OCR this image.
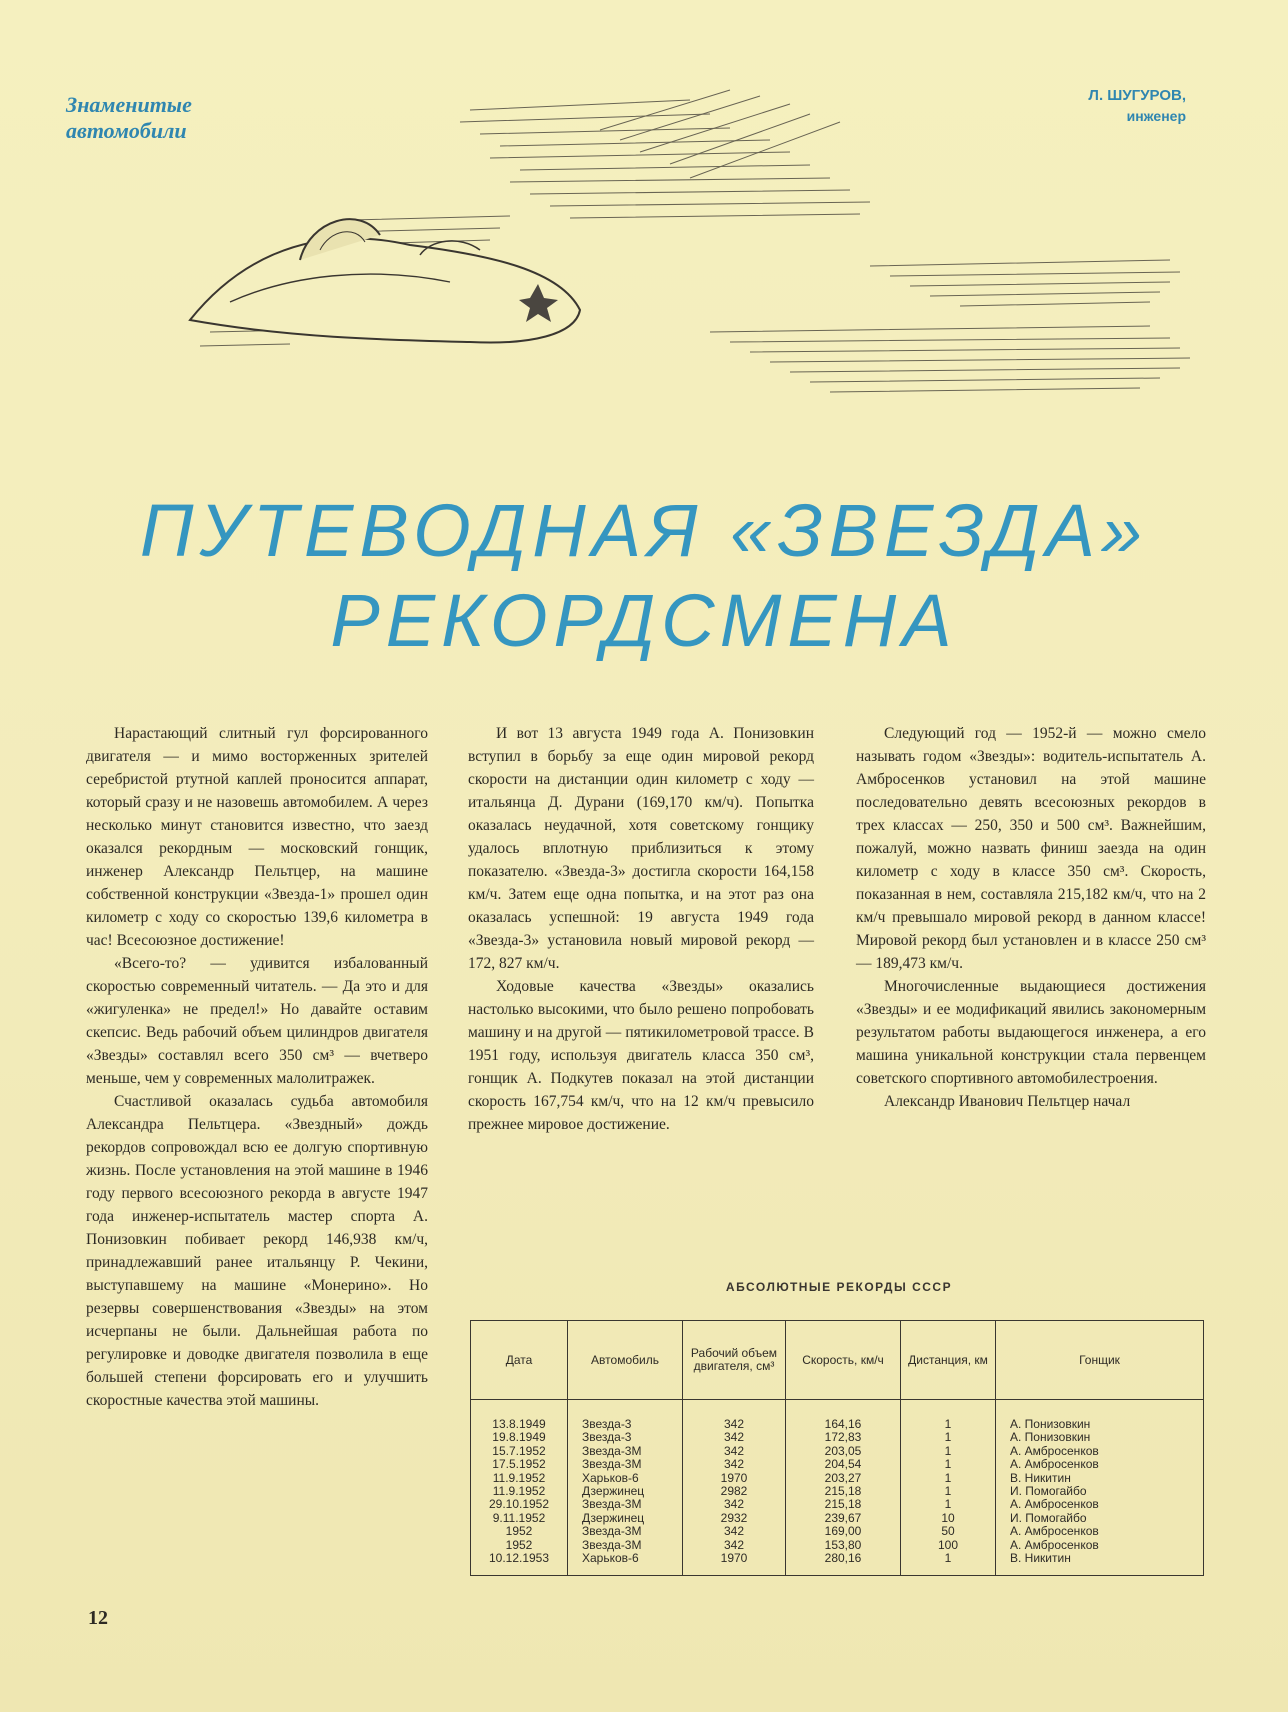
Знаменитые
автомобили
Л. ШУГУРОВ,
инженер
ПУТЕВОДНАЯ «ЗВЕЗДА»
РЕКОРДСМЕНА

Нарастающий слитный гул форсированного двигателя — и мимо восторженных зрителей серебристой ртутной каплей проносится аппарат, который сразу и не назовешь автомобилем. А через несколько минут становится известно, что заезд оказался рекордным — московский гонщик, инженер Александр Пельтцер, на машине собственной конструкции «Звезда-1» прошел один километр с ходу со скоростью 139,6 километра в час! Всесоюзное достижение!

«Всего-то? — удивится избалованный скоростью современный читатель. — Да это и для «жигуленка» не предел!» Но давайте оставим скепсис. Ведь рабочий объем цилиндров двигателя «Звезды» составлял всего 350 см³ — вчетверо меньше, чем у современных малолитражек.

Счастливой оказалась судьба автомобиля Александра Пельтцера. «Звездный» дождь рекордов сопровождал всю ее долгую спортивную жизнь. После установления на этой машине в 1946 году первого всесоюзного рекорда в августе 1947 года инженер-испытатель мастер спорта А. Понизовкин побивает рекорд 146,938 км/ч, принадлежавший ранее итальянцу Р. Чекини, выступавшему на машине «Монерино». Но резервы совершенствования «Звезды» на этом исчерпаны не были. Дальнейшая работа по регулировке и доводке двигателя позволила в еще большей степени форсировать его и улучшить скоростные качества этой машины.

И вот 13 августа 1949 года А. Понизовкин вступил в борьбу за еще один мировой рекорд скорости на дистанции один километр с ходу — итальянца Д. Дурани (169,170 км/ч). Попытка оказалась неудачной, хотя советскому гонщику удалось вплотную приблизиться к этому показателю. «Звезда-3» достигла скорости 164,158 км/ч. Затем еще одна попытка, и на этот раз она оказалась успешной: 19 августа 1949 года «Звезда-3» установила новый мировой рекорд — 172, 827 км/ч.

Ходовые качества «Звезды» оказались настолько высокими, что было решено попробовать машину и на другой — пятикилометровой трассе. В 1951 году, используя двигатель класса 350 см³, гонщик А. Подкутев показал на этой дистанции скорость 167,754 км/ч, что на 12 км/ч превысило прежнее мировое достижение.

Следующий год — 1952-й — можно смело называть годом «Звезды»: водитель-испытатель А. Амбросенков установил на этой машине последовательно девять всесоюзных рекордов в трех классах — 250, 350 и 500 см³. Важнейшим, пожалуй, можно назвать финиш заезда на один километр с ходу в классе 350 см³. Скорость, показанная в нем, составляла 215,182 км/ч, что на 2 км/ч превышало мировой рекорд в данном классе! Мировой рекорд был установлен и в классе 250 см³ — 189,473 км/ч.

Многочисленные выдающиеся достижения «Звезды» и ее модификаций явились закономерным результатом работы выдающегося инженера, а его машина уникальной конструкции стала первенцем советского спортивного автомобилестроения.

Александр Иванович Пельтцер начал

АБСОЛЮТНЫЕ РЕКОРДЫ СССР
Дата	Автомобиль	Рабочий объем двигателя, см³	Скорость, км/ч	Дистанция, км	Гонщик

13.8.1949	Звезда-3	342	164,16	1	А. Понизовкин
19.8.1949	Звезда-3	342	172,83	1	А. Понизовкин
15.7.1952	Звезда-3М	342	203,05	1	А. Амбросенков
17.5.1952	Звезда-3М	342	204,54	1	А. Амбросенков
11.9.1952	Харьков-6	1970	203,27	1	В. Никитин
11.9.1952	Дзержинец	2982	215,18	1	И. Помогайбо
29.10.1952	Звезда-3М	342	215,18	1	А. Амбросенков
9.11.1952	Дзержинец	2932	239,67	10	И. Помогайбо
1952	Звезда-3М	342	169,00	50	А. Амбросенков
1952	Звезда-3М	342	153,80	100	А. Амбросенков
10.12.1953	Харьков-6	1970	280,16	1	В. Никитин
12
